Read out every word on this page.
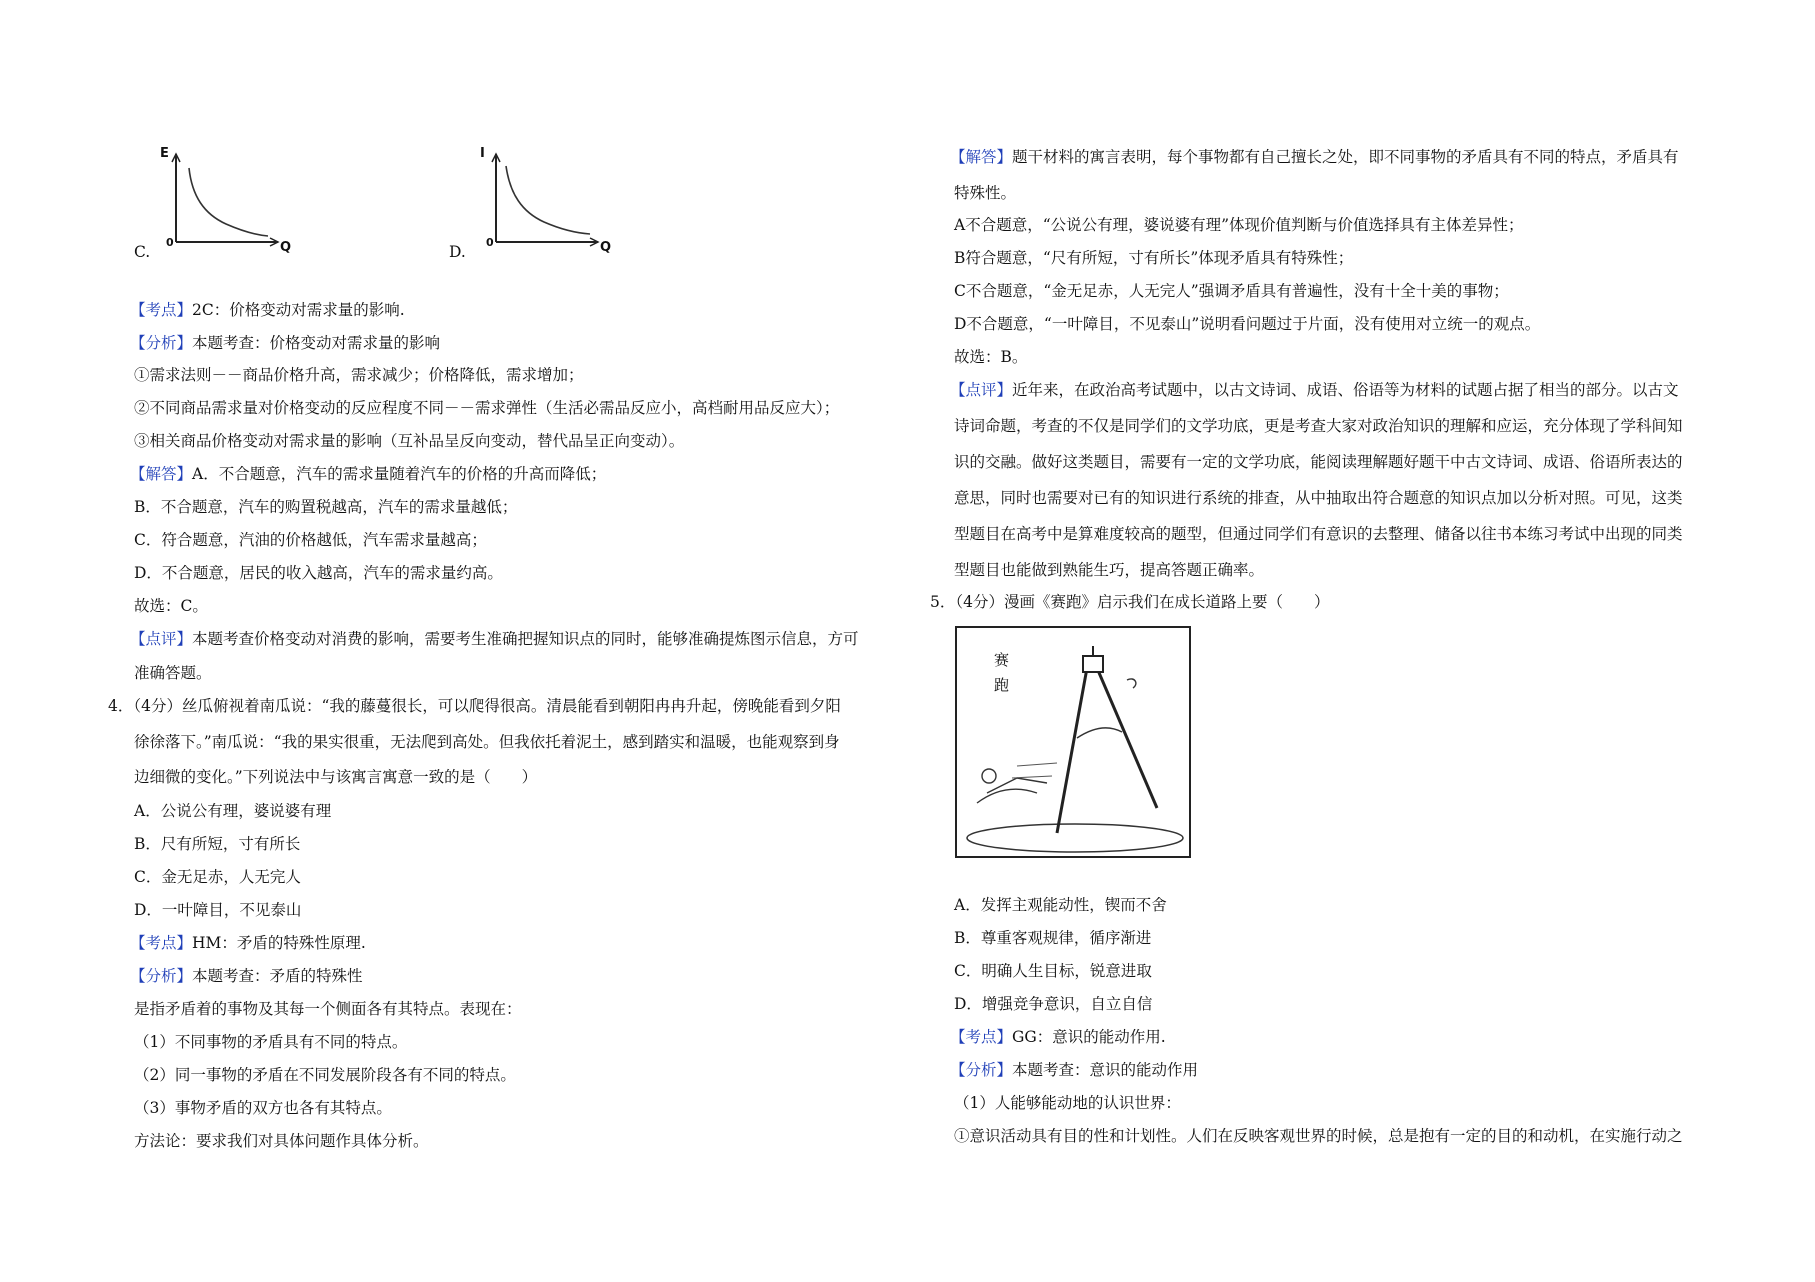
C.
E
Q
0
D.
I
Q
0
【考点】2C：价格变动对需求量的影响.
【分析】本题考查：价格变动对需求量的影响
①需求法则－－商品价格升高，需求减少；价格降低，需求增加；
②不同商品需求量对价格变动的反应程度不同－－需求弹性（生活必需品反应小，高档耐用品反应大）；
③相关商品价格变动对需求量的影响（互补品呈反向变动，替代品呈正向变动）。
【解答】A．不合题意，汽车的需求量随着汽车的价格的升高而降低；
B．不合题意，汽车的购置税越高，汽车的需求量越低；
C．符合题意，汽油的价格越低，汽车需求量越高；
D．不合题意，居民的收入越高，汽车的需求量约高。
故选：C。
【点评】本题考查价格变动对消费的影响，需要考生准确把握知识点的同时，能够准确提炼图示信息，方可
准确答题。
4．（4分）丝瓜俯视着南瓜说：“我的藤蔓很长，可以爬得很高。清晨能看到朝阳冉冉升起，傍晚能看到夕阳
徐徐落下。”南瓜说：“我的果实很重，无法爬到高处。但我依托着泥土，感到踏实和温暖，也能观察到身
边细微的变化。”下列说法中与该寓言寓意一致的是（　　）
A．公说公有理，婆说婆有理
B．尺有所短，寸有所长
C．金无足赤，人无完人
D．一叶障目，不见泰山
【考点】HM：矛盾的特殊性原理.
【分析】本题考查：矛盾的特殊性
是指矛盾着的事物及其每一个侧面各有其特点。表现在：
（1）不同事物的矛盾具有不同的特点。
（2）同一事物的矛盾在不同发展阶段各有不同的特点。
（3）事物矛盾的双方也各有其特点。
方法论：要求我们对具体问题作具体分析。
【解答】题干材料的寓言表明，每个事物都有自己擅长之处，即不同事物的矛盾具有不同的特点，矛盾具有
特殊性。
A不合题意，“公说公有理，婆说婆有理”体现价值判断与价值选择具有主体差异性；
B符合题意，“尺有所短，寸有所长”体现矛盾具有特殊性；
C不合题意，“金无足赤，人无完人”强调矛盾具有普遍性，没有十全十美的事物；
D不合题意，“一叶障目，不见泰山”说明看问题过于片面，没有使用对立统一的观点。
故选：B。
【点评】近年来，在政治高考试题中，以古文诗词、成语、俗语等为材料的试题占据了相当的部分。以古文
诗词命题，考查的不仅是同学们的文学功底，更是考查大家对政治知识的理解和应运，充分体现了学科间知
识的交融。做好这类题目，需要有一定的文学功底，能阅读理解题好题干中古文诗词、成语、俗语所表达的
意思，同时也需要对已有的知识进行系统的排查，从中抽取出符合题意的知识点加以分析对照。可见，这类
型题目在高考中是算难度较高的题型，但通过同学们有意识的去整理、储备以往书本练习考试中出现的同类
型题目也能做到熟能生巧，提高答题正确率。
5．（4分）漫画《赛跑》启示我们在成长道路上要（　　）
赛跑
A．发挥主观能动性，锲而不舍
B．尊重客观规律，循序渐进
C．明确人生目标，锐意进取
D．增强竞争意识，自立自信
【考点】GG：意识的能动作用.
【分析】本题考查：意识的能动作用
（1）人能够能动地的认识世界：
①意识活动具有目的性和计划性。人们在反映客观世界的时候，总是抱有一定的目的和动机，在实施行动之
